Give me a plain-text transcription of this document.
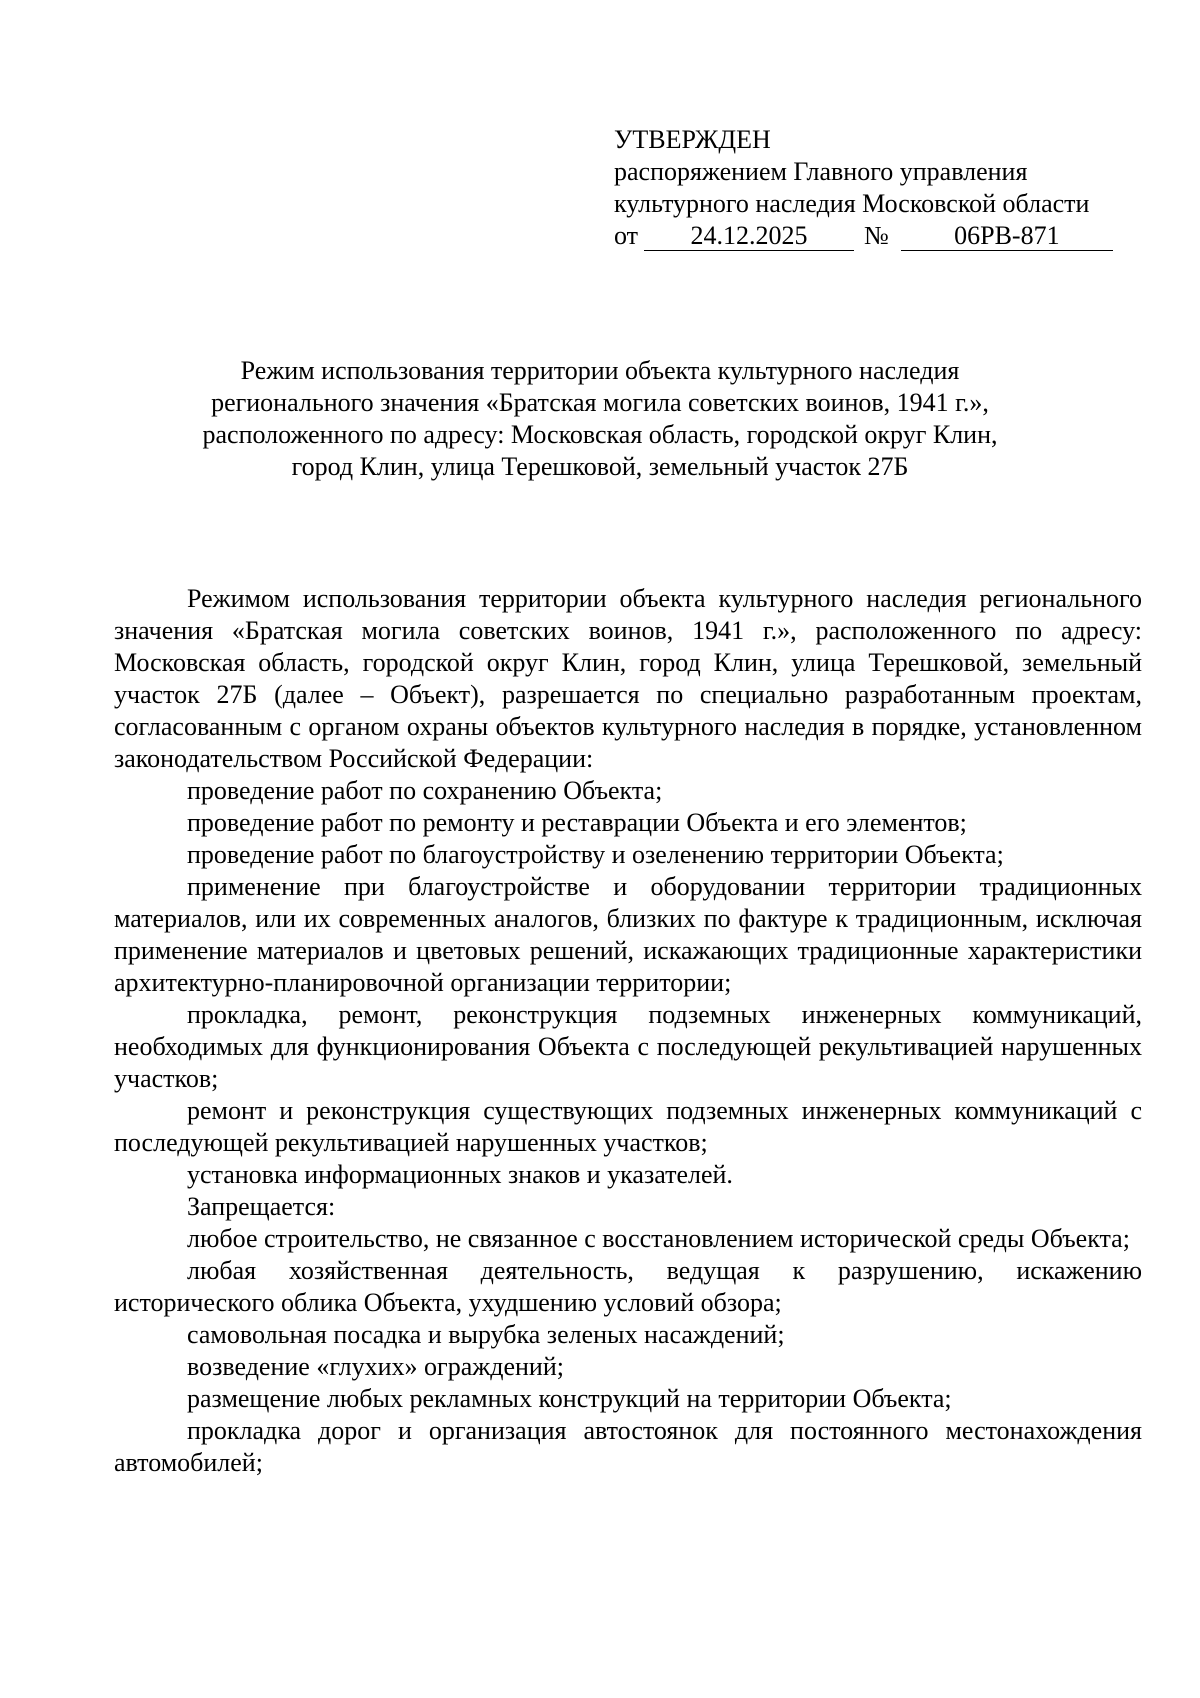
УТВЕРЖДЕН
распоряжением Главного управления
культурного наследия Московской области
от	24.12.2025	№	06РВ-871
Режим использования территории объекта культурного наследия
регионального значения «Братская могила советских воинов, 1941 г.»,
расположенного по адресу: Московская область, городской округ Клин,
город Клин, улица Терешковой, земельный участок 27Б

Режимом использования территории объекта культурного наследия регионального значения «Братская могила советских воинов, 1941 г.», расположенного по адресу: Московская область, городской округ Клин, город Клин, улица Терешковой, земельный участок 27Б (далее – Объект), разрешается по специально разработанным проектам, согласованным с органом охраны объектов культурного наследия в порядке, установленном законодательством Российской Федерации:

проведение работ по сохранению Объекта;

проведение работ по ремонту и реставрации Объекта и его элементов;

проведение работ по благоустройству и озеленению территории Объекта;

применение при благоустройстве и оборудовании территории традиционных материалов, или их современных аналогов, близких по фактуре к традиционным, исключая применение материалов и цветовых решений, искажающих традиционные характеристики архитектурно-планировочной организации территории;

прокладка, ремонт, реконструкция подземных инженерных коммуникаций, необходимых для функционирования Объекта с последующей рекультивацией нарушенных участков;

ремонт и реконструкция существующих подземных инженерных коммуникаций с последующей рекультивацией нарушенных участков;

установка информационных знаков и указателей.

Запрещается:

любое строительство, не связанное с восстановлением исторической среды Объекта;

любая хозяйственная деятельность, ведущая к разрушению, искажению исторического облика Объекта, ухудшению условий обзора;

самовольная посадка и вырубка зеленых насаждений;

возведение «глухих» ограждений;

размещение любых рекламных конструкций на территории Объекта;

прокладка дорог и организация автостоянок для постоянного местонахождения автомобилей;
